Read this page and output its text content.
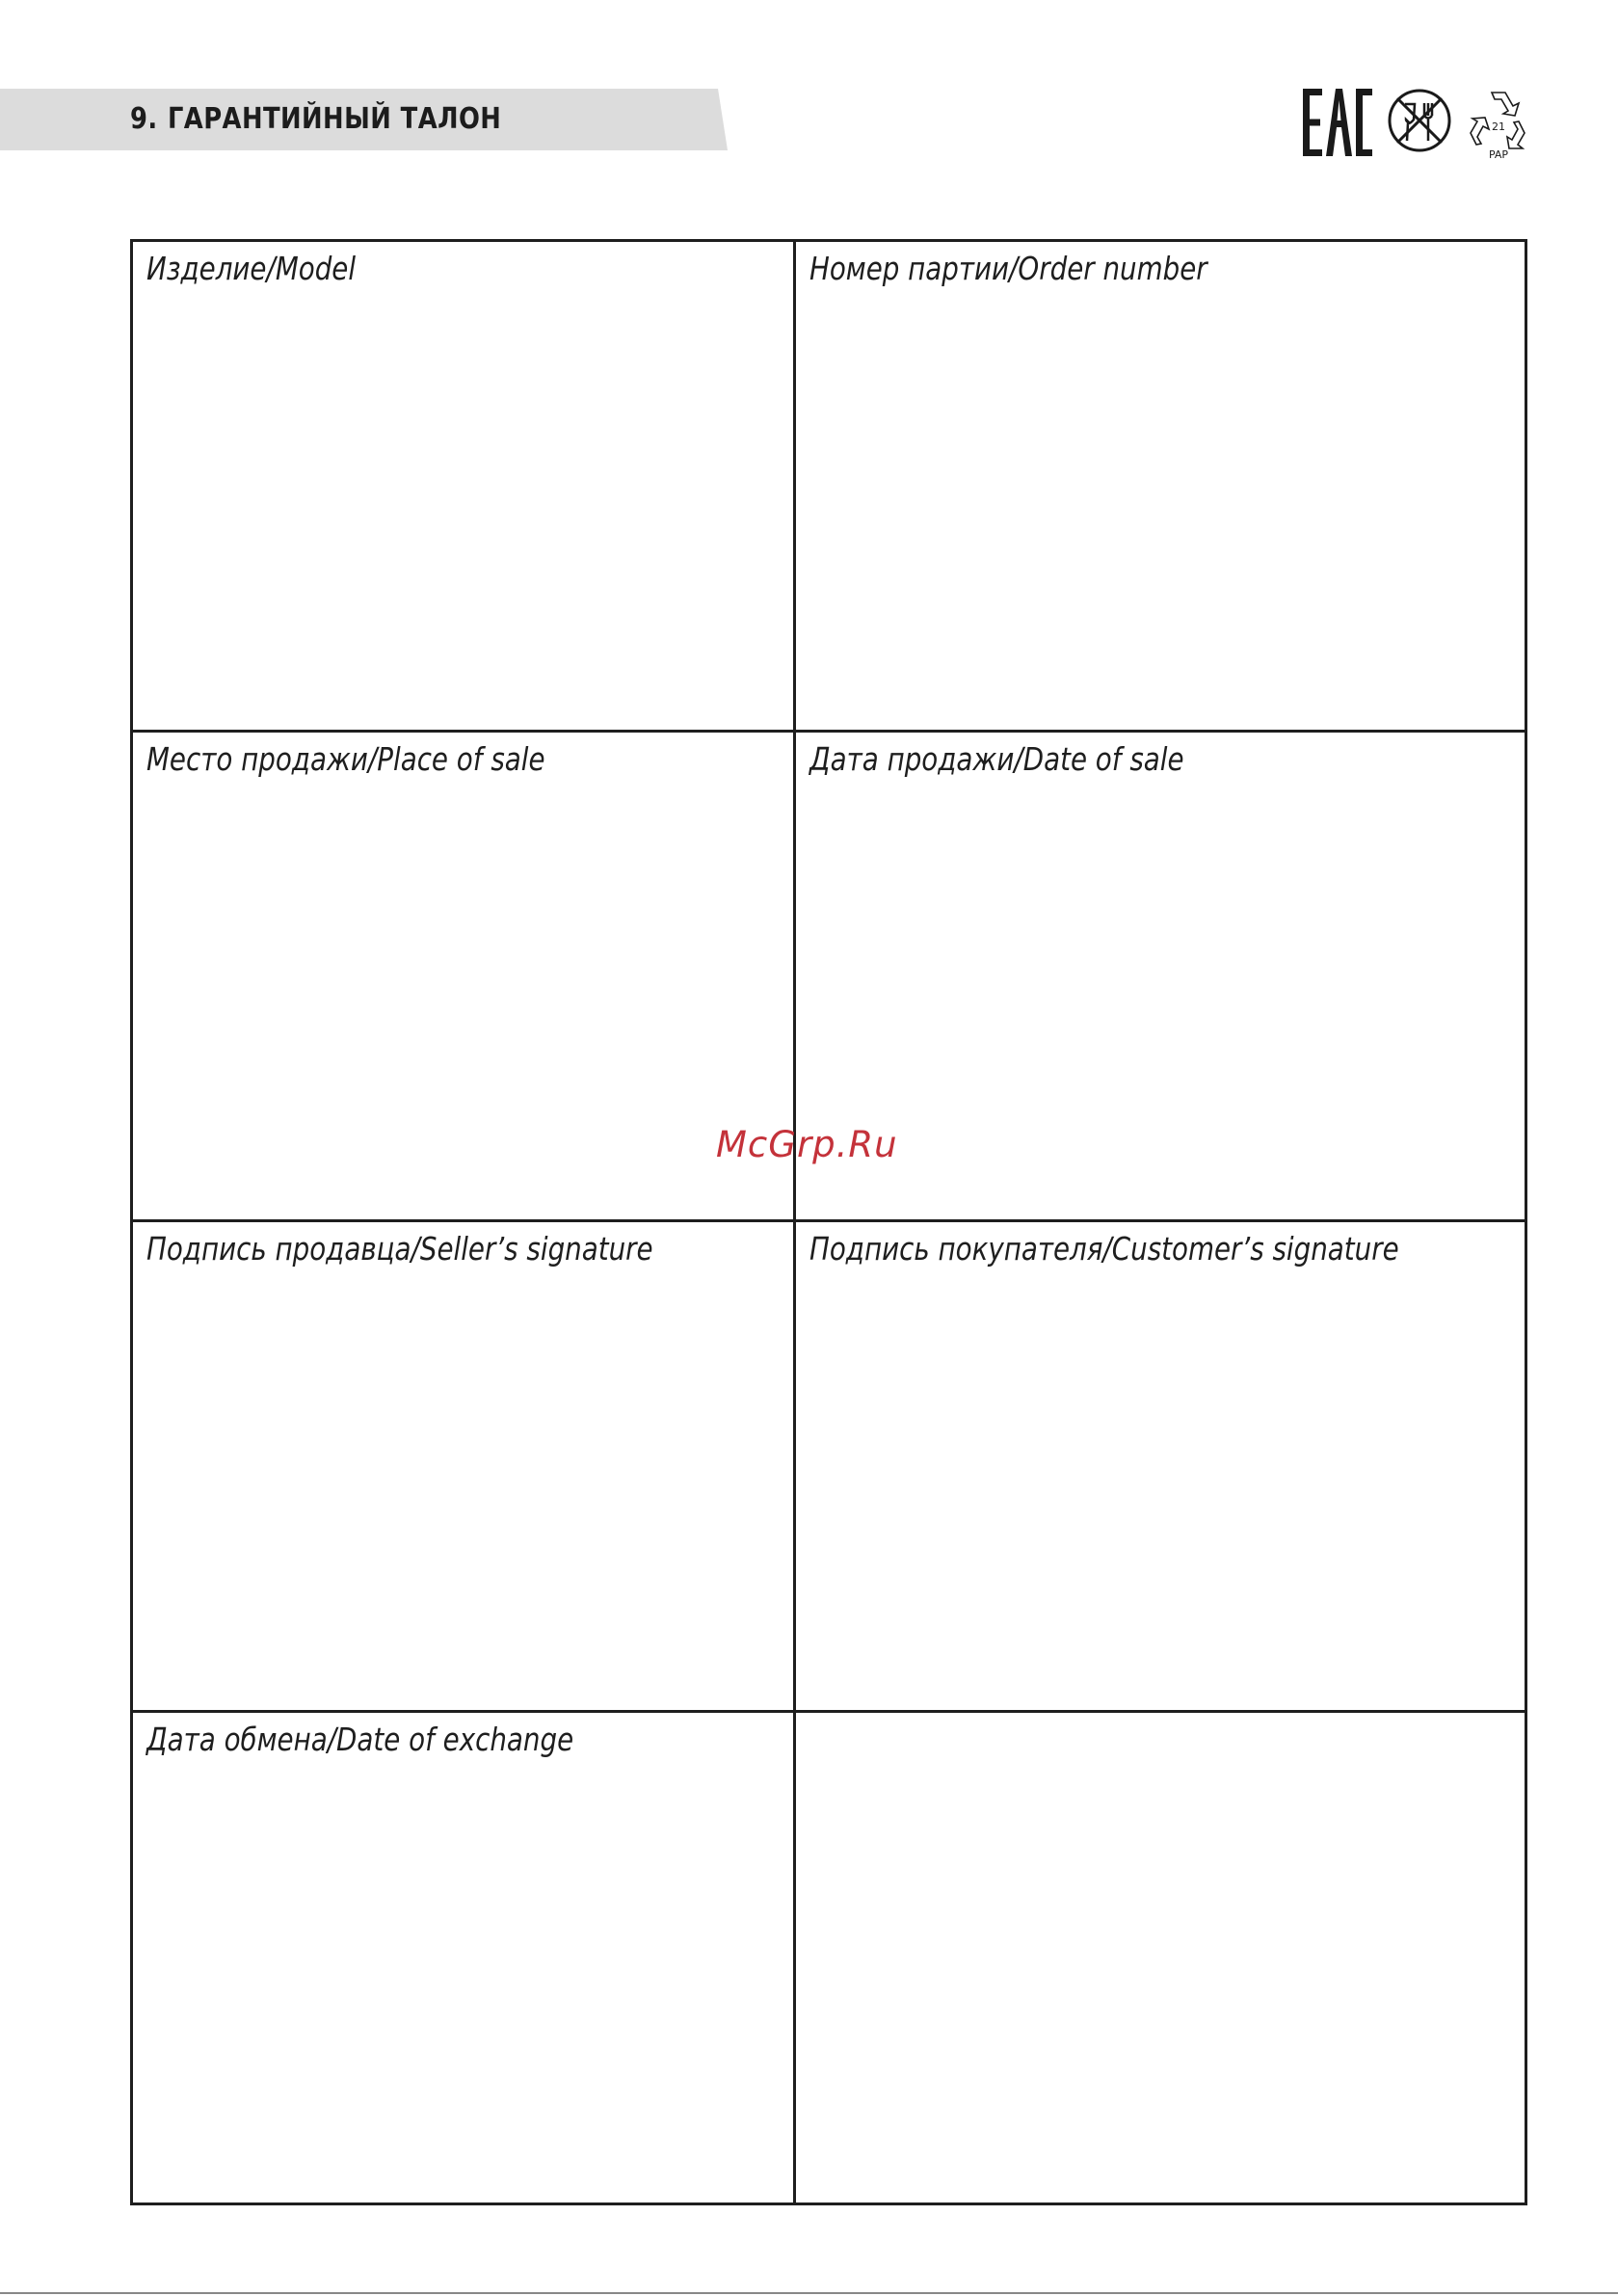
9. ГАРАНТИЙНЫЙ ТАЛОН	21
PAP
Изделие/Model	Номер партии/Order number
Место продажи/Place of sale	Дата продажи/Date of sale
Подпись продавца/Seller’s signature	Подпись покупателя/Customer’s signature
Дата обмена/Date of exchange
McGrp.Ru
